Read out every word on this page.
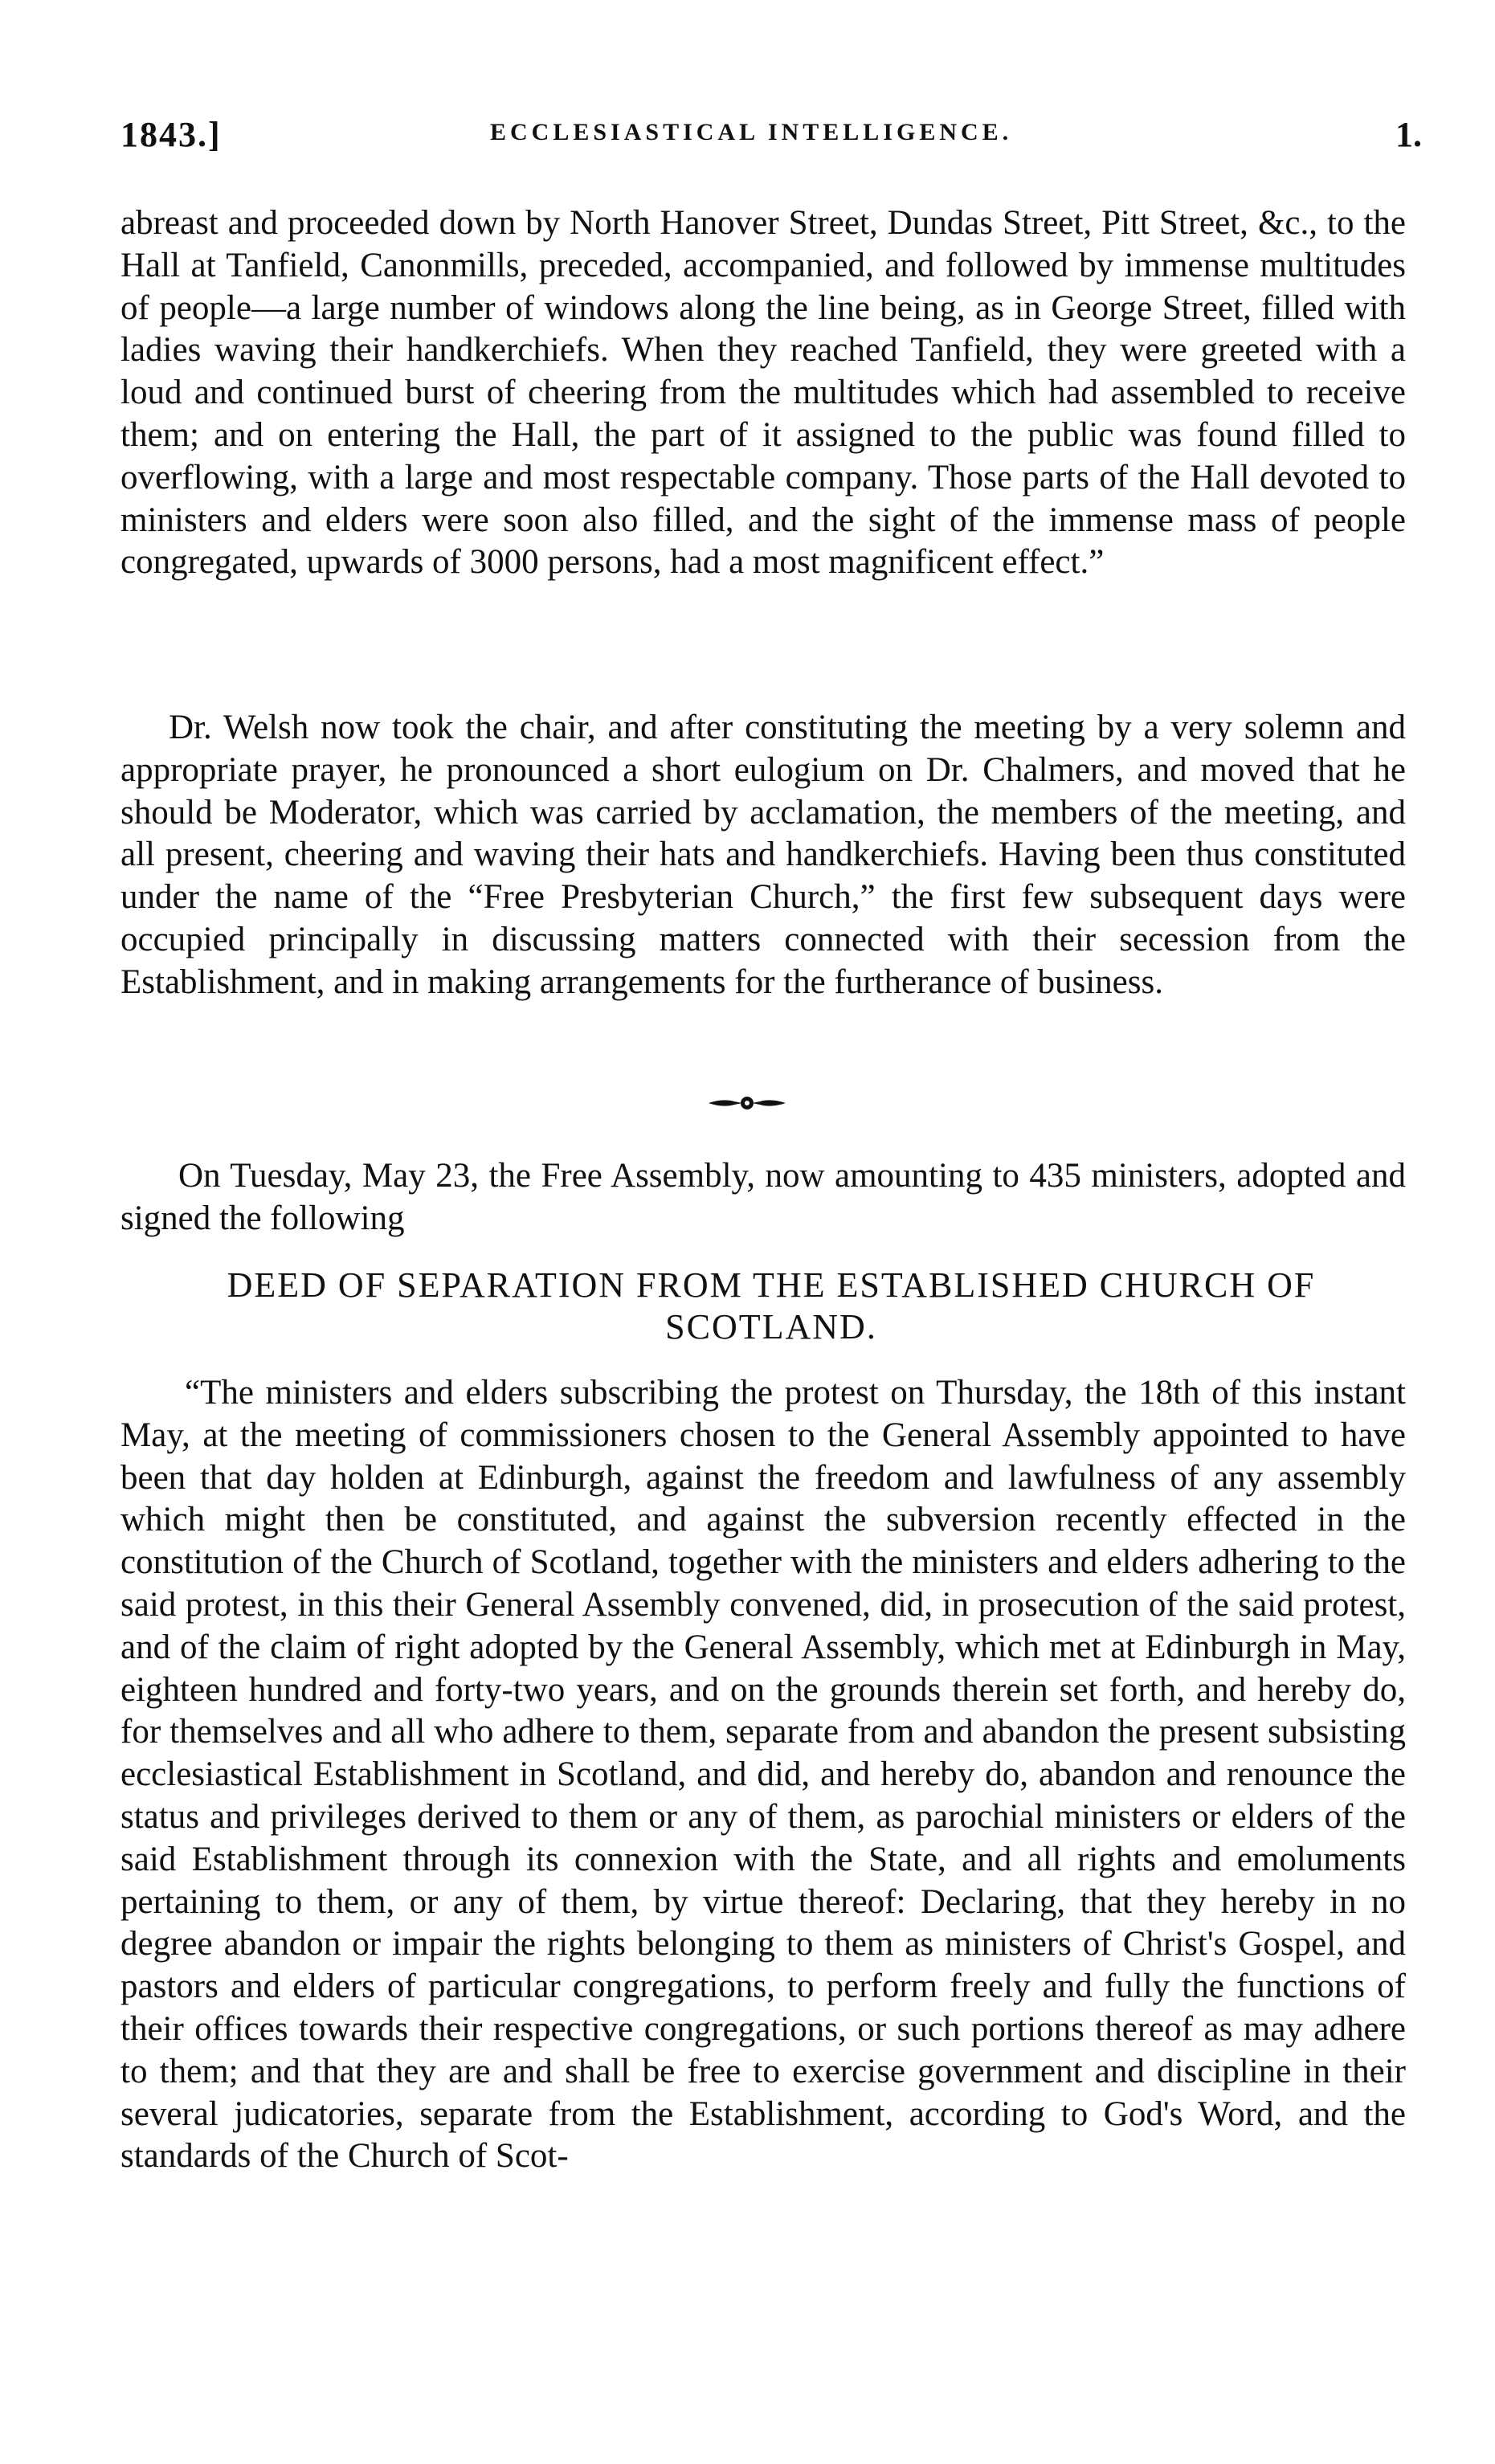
1843.]	ECCLESIASTICAL INTELLIGENCE.	1.
abreast and proceeded down by North Hanover Street, Dundas Street, Pitt Street, &c., to the Hall at Tanfield, Canonmills, preceded, accompanied, and followed by immense multitudes of people—a large number of windows along the line being, as in George Street, filled with ladies waving their handkerchiefs. When they reached Tanfield, they were greeted with a loud and continued burst of cheering from the multitudes which had assembled to receive them; and on entering the Hall, the part of it assigned to the public was found filled to overflowing, with a large and most respectable company. Those parts of the Hall devoted to ministers and elders were soon also filled, and the sight of the immense mass of people congregated, upwards of 3000 persons, had a most magnificent effect.”
Dr. Welsh now took the chair, and after constituting the meeting by a very solemn and appropriate prayer, he pronounced a short eulogium on Dr. Chalmers, and moved that he should be Moderator, which was carried by acclamation, the members of the meeting, and all present, cheering and waving their hats and handkerchiefs. Having been thus constituted under the name of the “Free Presbyterian Church,” the first few subsequent days were occupied principally in discussing matters connected with their secession from the Establishment, and in making arrangements for the furtherance of business.
On Tuesday, May 23, the Free Assembly, now amounting to 435 ministers, adopted and signed the following
DEED OF SEPARATION FROM THE ESTABLISHED CHURCH OF
SCOTLAND.
“The ministers and elders subscribing the protest on Thursday, the 18th of this instant May, at the meeting of commissioners chosen to the General Assembly appointed to have been that day holden at Edinburgh, against the freedom and lawfulness of any assembly which might then be constituted, and against the subversion recently effected in the constitution of the Church of Scotland, together with the ministers and elders adhering to the said protest, in this their General Assembly convened, did, in prosecution of the said protest, and of the claim of right adopted by the General Assembly, which met at Edinburgh in May, eighteen hundred and forty-two years, and on the grounds therein set forth, and hereby do, for themselves and all who adhere to them, separate from and abandon the present subsisting ecclesiastical Establishment in Scotland, and did, and hereby do, abandon and renounce the status and privileges derived to them or any of them, as parochial ministers or elders of the said Establishment through its connexion with the State, and all rights and emoluments pertaining to them, or any of them, by virtue thereof: Declaring, that they hereby in no degree abandon or impair the rights belonging to them as ministers of Christ's Gospel, and pastors and elders of particular congregations, to perform freely and fully the functions of their offices towards their respective congregations, or such portions thereof as may adhere to them; and that they are and shall be free to exercise government and discipline in their several judicatories, separate from the Establishment, according to God's Word, and the standards of the Church of Scot-
